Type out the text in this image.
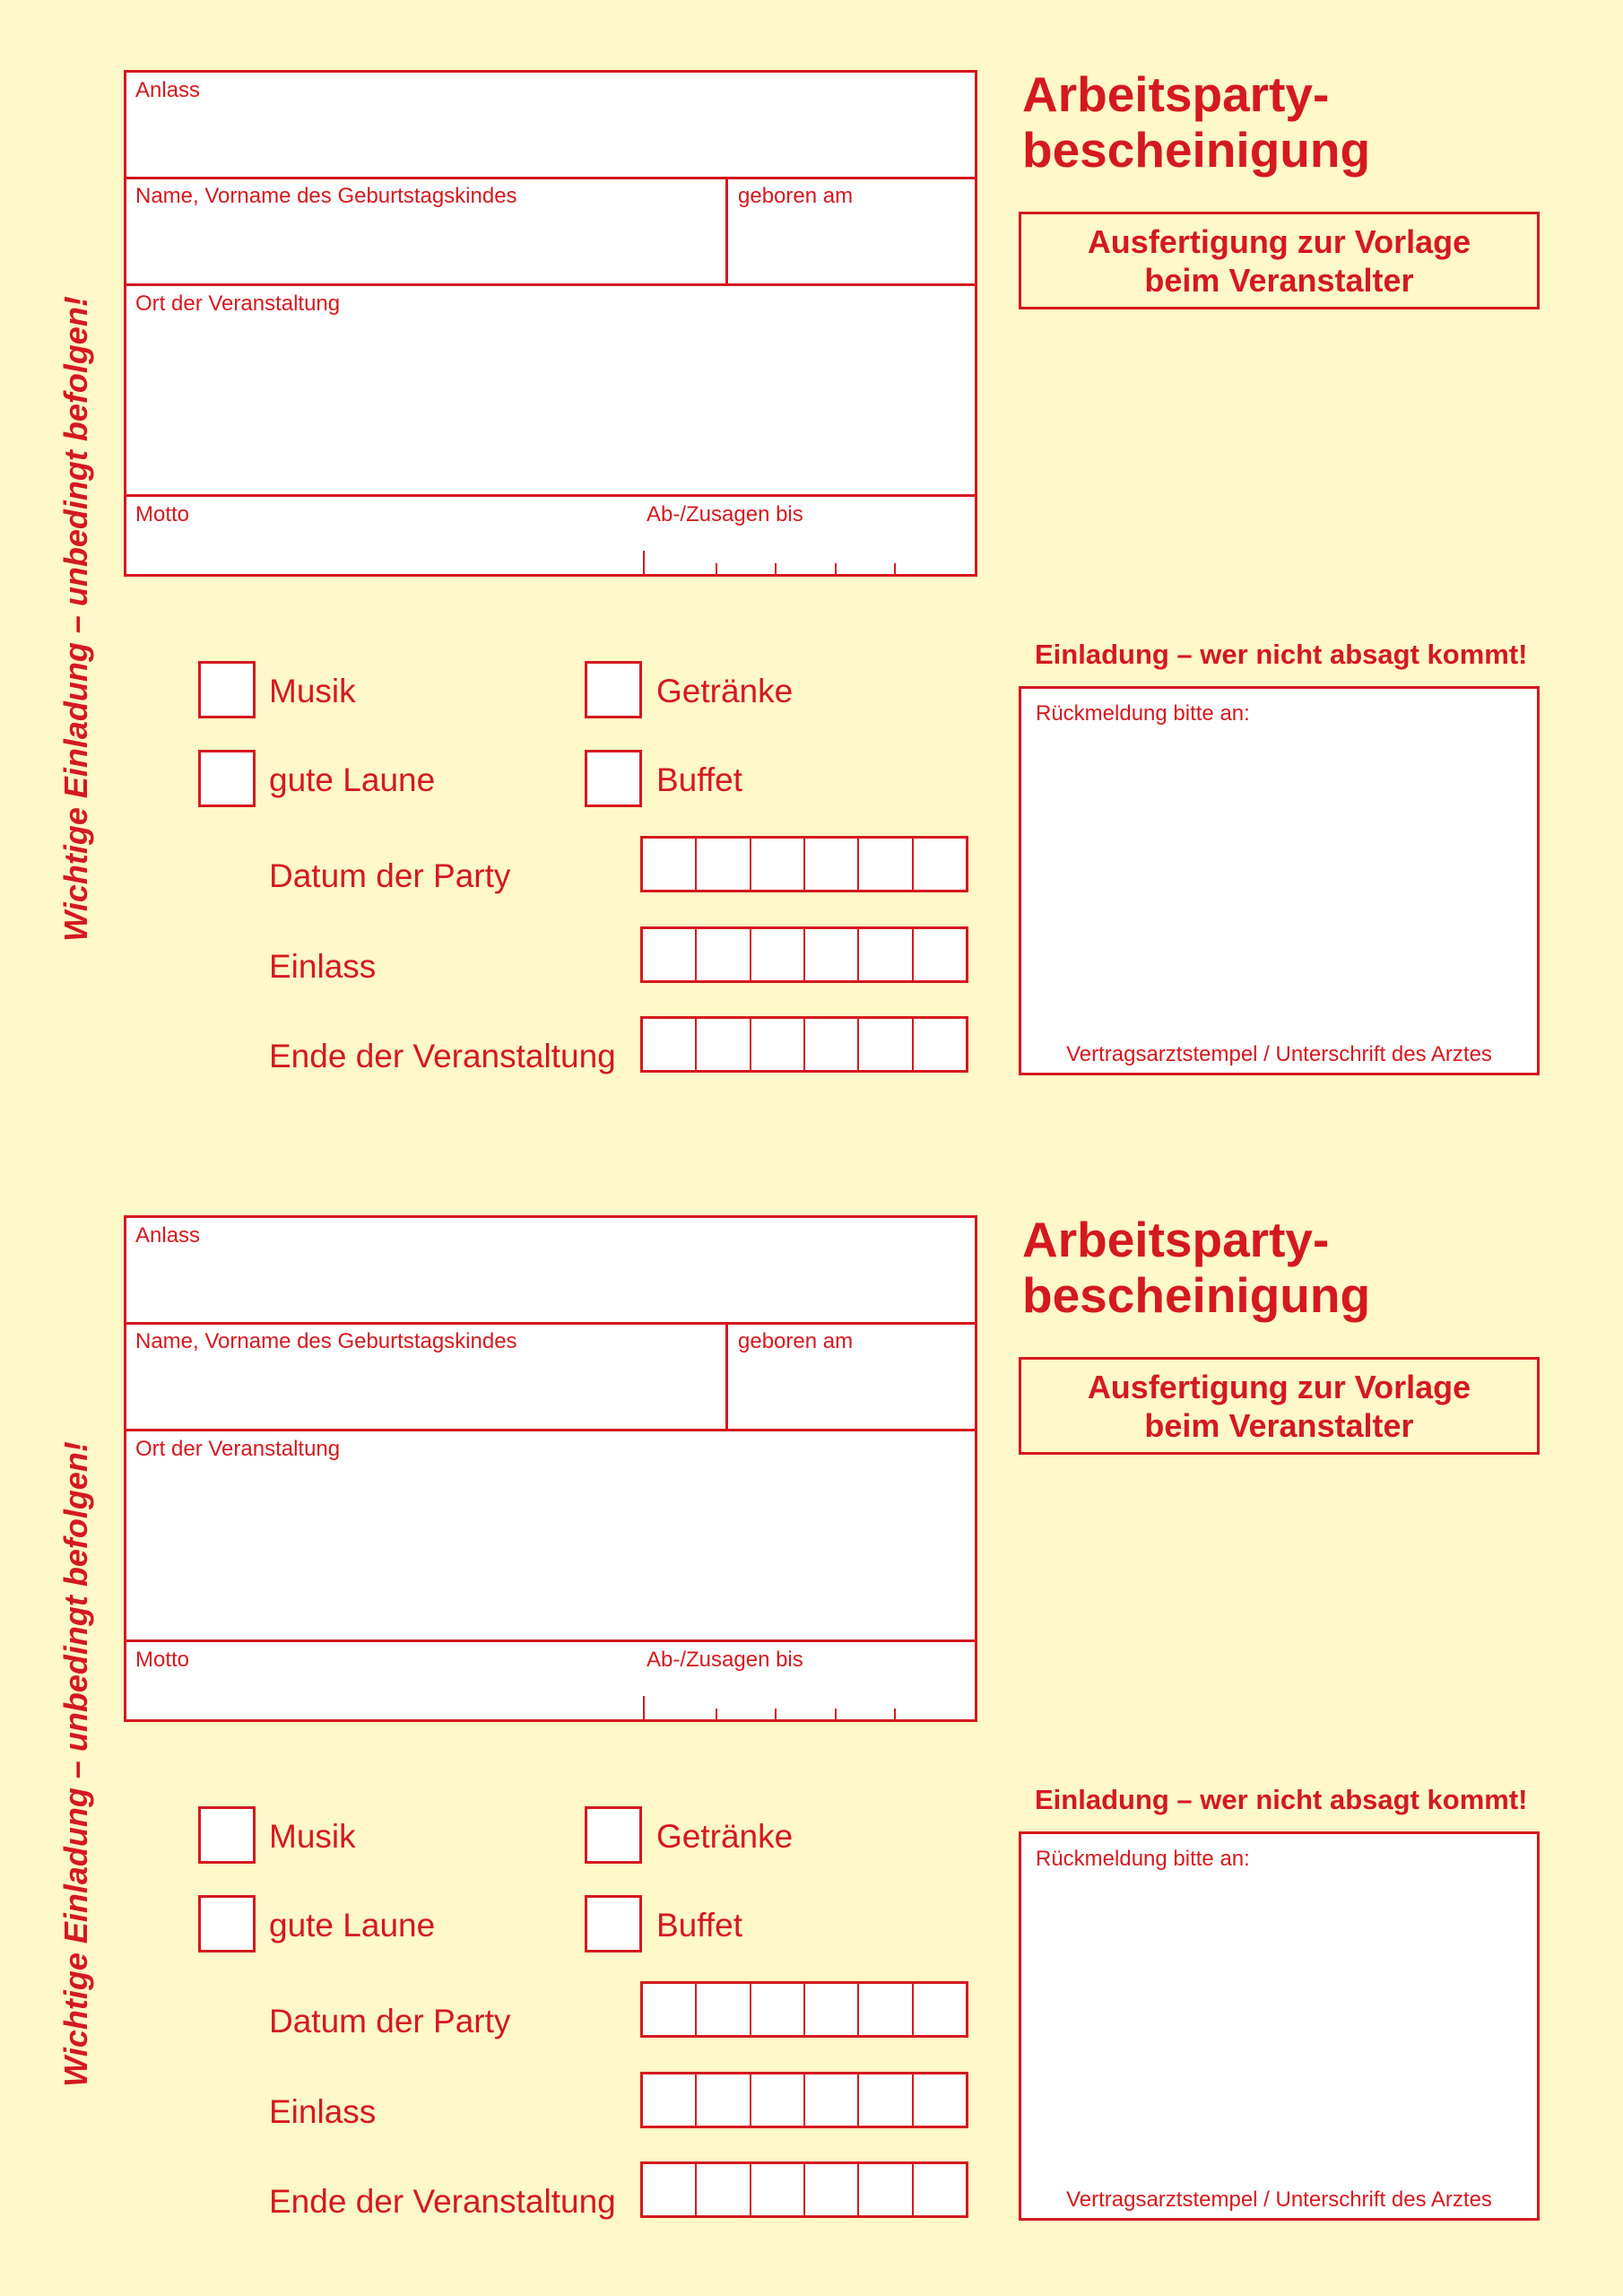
Wichtige Einladung – unbedingt befolgen!
Anlass
Name, Vorname des Geburtstagskindes	geboren am
Ort der Veranstaltung
Motto	Ab-/Zusagen bis
Arbeitsparty-
bescheinigung
Ausfertigung zur Vorlage
beim Veranstalter
Musik	Getränke
gute Laune	Buffet
Datum der Party
Einlass
Ende der Veranstaltung
Einladung – wer nicht absagt kommt!
Rückmeldung bitte an:
Vertragsarztstempel / Unterschrift des Arztes
Wichtige Einladung – unbedingt befolgen!
Anlass
Name, Vorname des Geburtstagskindes	geboren am
Ort der Veranstaltung
Motto	Ab-/Zusagen bis
Arbeitsparty-
bescheinigung
Ausfertigung zur Vorlage
beim Veranstalter
Musik	Getränke
gute Laune	Buffet
Datum der Party
Einlass
Ende der Veranstaltung
Einladung – wer nicht absagt kommt!
Rückmeldung bitte an:
Vertragsarztstempel / Unterschrift des Arztes
